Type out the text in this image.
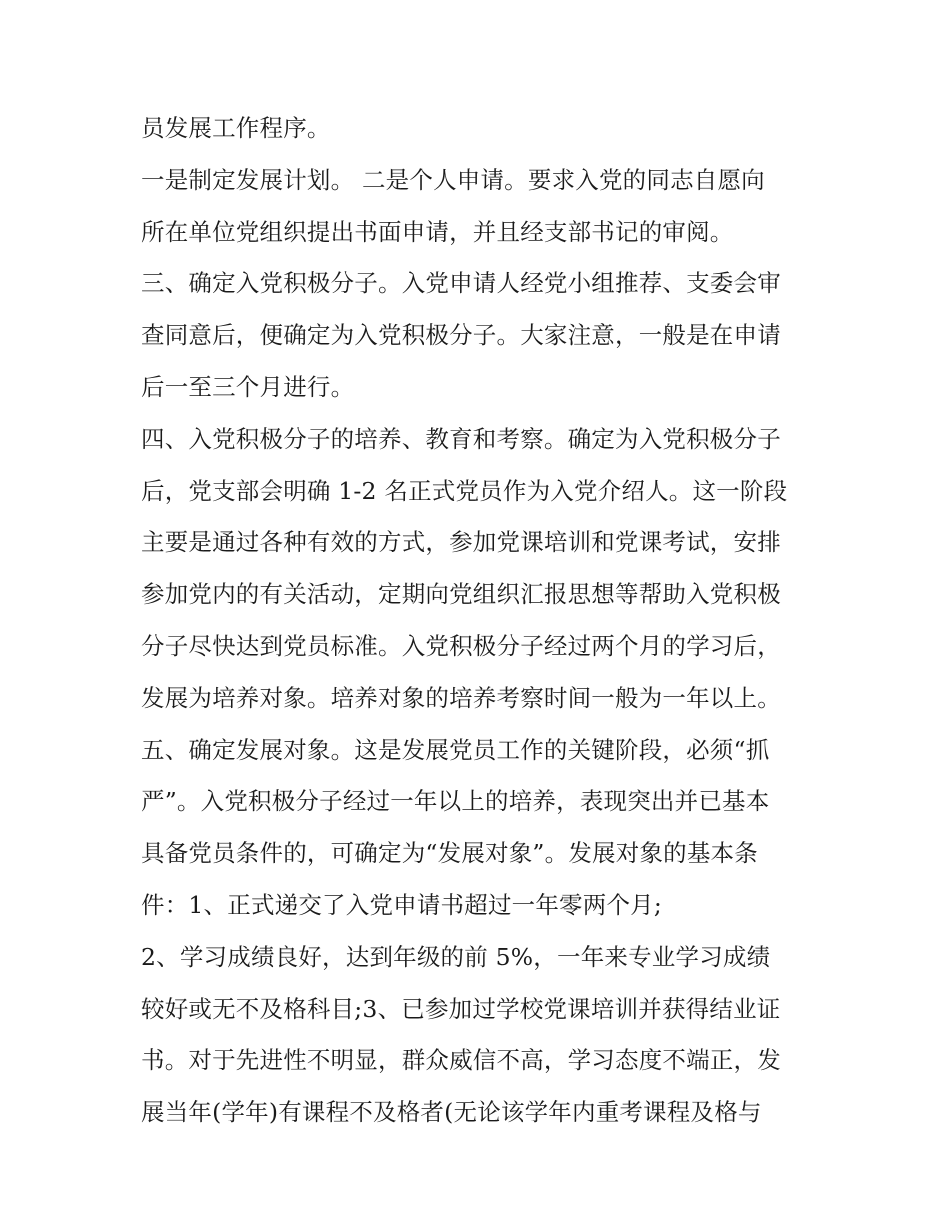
员发展工作程序。
一是制定发展计划。 二是个人申请。要求入党的同志自愿向
所在单位党组织提出书面申请，并且经支部书记的审阅。
三、确定入党积极分子。入党申请人经党小组推荐、支委会审
查同意后，便确定为入党积极分子。大家注意，一般是在申请
后一至三个月进行。
四、入党积极分子的培养、教育和考察。确定为入党积极分子
后，党支部会明确 1-2 名正式党员作为入党介绍人。这一阶段
主要是通过各种有效的方式，参加党课培训和党课考试，安排
参加党内的有关活动，定期向党组织汇报思想等帮助入党积极
分子尽快达到党员标准。入党积极分子经过两个月的学习后，
发展为培养对象。培养对象的培养考察时间一般为一年以上。
五、确定发展对象。这是发展党员工作的关键阶段，必须“抓
严”。入党积极分子经过一年以上的培养，表现突出并已基本
具备党员条件的，可确定为“发展对象”。发展对象的基本条
件：1、正式递交了入党申请书超过一年零两个月;
2、学习成绩良好，达到年级的前 5%，一年来专业学习成绩
较好或无不及格科目;3、已参加过学校党课培训并获得结业证
书。对于先进性不明显，群众威信不高，学习态度不端正，发
展当年(学年)有课程不及格者(无论该学年内重考课程及格与
